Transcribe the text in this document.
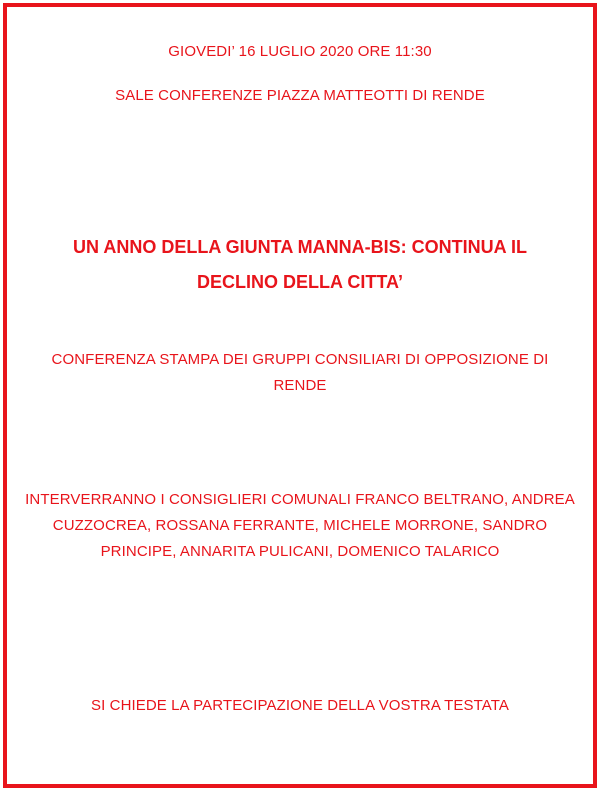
GIOVEDI’ 16 LUGLIO 2020 ORE 11:30
SALE CONFERENZE PIAZZA MATTEOTTI DI RENDE
UN ANNO DELLA GIUNTA MANNA-BIS: CONTINUA IL
DECLINO DELLA CITTA’
CONFERENZA STAMPA DEI GRUPPI CONSILIARI DI OPPOSIZIONE DI
RENDE
INTERVERRANNO I CONSIGLIERI COMUNALI FRANCO BELTRANO, ANDREA
CUZZOCREA, ROSSANA FERRANTE, MICHELE MORRONE, SANDRO
PRINCIPE, ANNARITA PULICANI, DOMENICO TALARICO
SI CHIEDE LA PARTECIPAZIONE DELLA VOSTRA TESTATA
